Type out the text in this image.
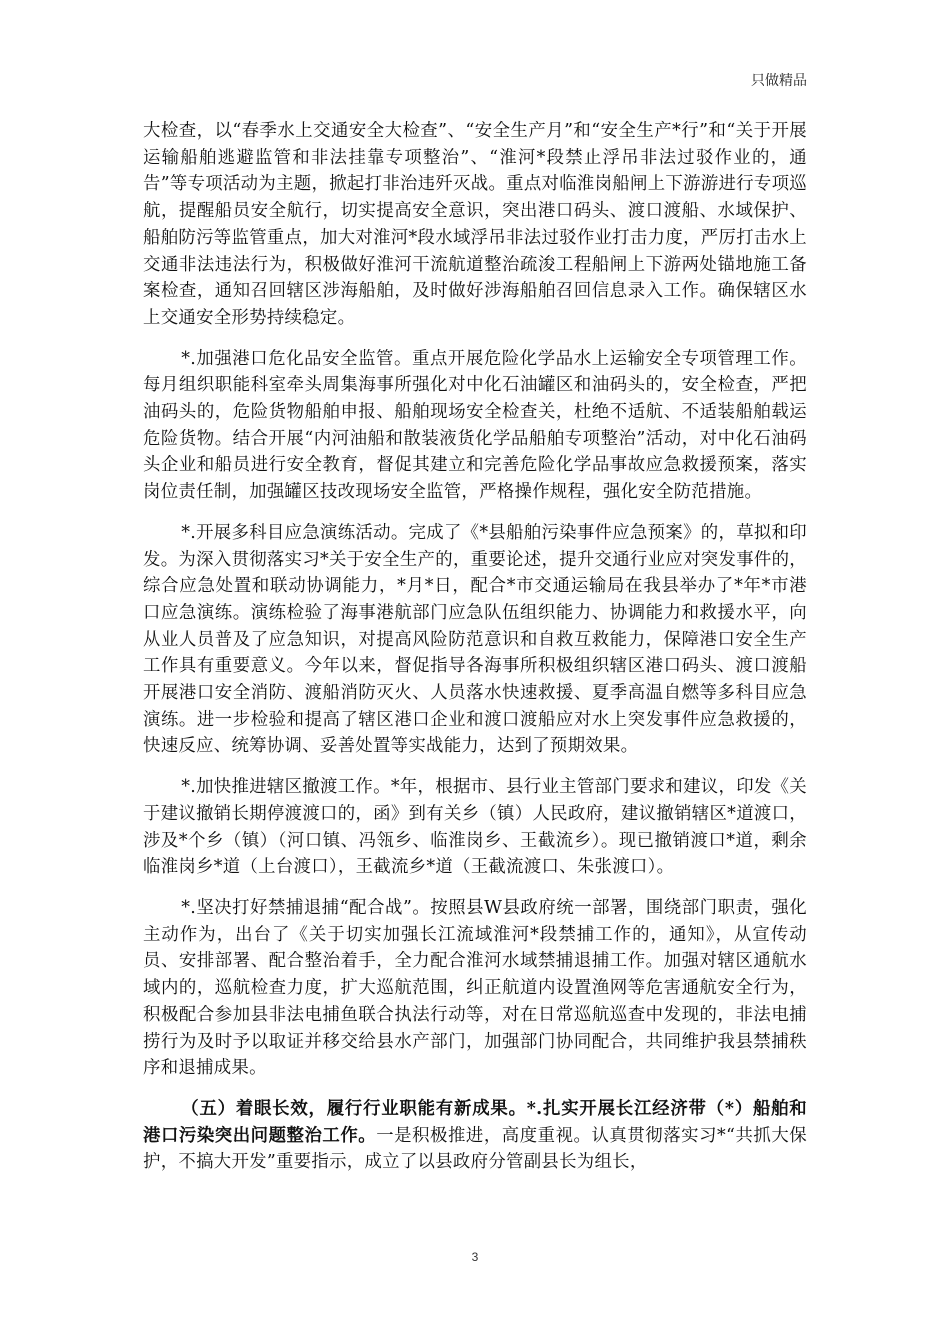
只做精品

大检查，以“春季水上交通安全大检查”、“安全生产月”和“安全生产*行”和“关于开展运输船舶逃避监管和非法挂靠专项整治”、“淮河*段禁止浮吊非法过驳作业的，通告”等专项活动为主题，掀起打非治违歼灭战。重点对临淮岗船闸上下游游进行专项巡航，提醒船员安全航行，切实提高安全意识，突出港口码头、渡口渡船、水域保护、船舶防污等监管重点，加大对淮河*段水域浮吊非法过驳作业打击力度，严厉打击水上交通非法违法行为，积极做好淮河干流航道整治疏浚工程船闸上下游两处锚地施工备案检查，通知召回辖区涉海船舶，及时做好涉海船舶召回信息录入工作。确保辖区水上交通安全形势持续稳定。

*.加强港口危化品安全监管。重点开展危险化学品水上运输安全专项管理工作。每月组织职能科室牵头周集海事所强化对中化石油罐区和油码头的，安全检查，严把油码头的，危险货物船舶申报、船舶现场安全检查关，杜绝不适航、不适装船舶载运危险货物。结合开展“内河油船和散装液货化学品船舶专项整治”活动，对中化石油码头企业和船员进行安全教育，督促其建立和完善危险化学品事故应急救援预案，落实岗位责任制，加强罐区技改现场安全监管，严格操作规程，强化安全防范措施。

*.开展多科目应急演练活动。完成了《*县船舶污染事件应急预案》的，草拟和印发。为深入贯彻落实习*关于安全生产的，重要论述，提升交通行业应对突发事件的，综合应急处置和联动协调能力，*月*日，配合*市交通运输局在我县举办了*年*市港口应急演练。演练检验了海事港航部门应急队伍组织能力、协调能力和救援水平，向从业人员普及了应急知识，对提高风险防范意识和自救互救能力，保障港口安全生产工作具有重要意义。今年以来，督促指导各海事所积极组织辖区港口码头、渡口渡船开展港口安全消防、渡船消防灭火、人员落水快速救援、夏季高温自燃等多科目应急演练。进一步检验和提高了辖区港口企业和渡口渡船应对水上突发事件应急救援的，快速反应、统筹协调、妥善处置等实战能力，达到了预期效果。

*.加快推进辖区撤渡工作。*年，根据市、县行业主管部门要求和建议，印发《关于建议撤销长期停渡渡口的，函》到有关乡（镇）人民政府，建议撤销辖区*道渡口，涉及*个乡（镇）（河口镇、冯瓴乡、临淮岗乡、王截流乡）。现已撤销渡口*道，剩余临淮岗乡*道（上台渡口），王截流乡*道（王截流渡口、朱张渡口）。

*.坚决打好禁捕退捕“配合战”。按照县W县政府统一部署，围绕部门职责，强化主动作为，出台了《关于切实加强长江流域淮河*段禁捕工作的，通知》，从宣传动员、安排部署、配合整治着手，全力配合淮河水域禁捕退捕工作。加强对辖区通航水域内的，巡航检查力度，扩大巡航范围，纠正航道内设置渔网等危害通航安全行为，积极配合参加县非法电捕鱼联合执法行动等，对在日常巡航巡查中发现的，非法电捕捞行为及时予以取证并移交给县水产部门，加强部门协同配合，共同维护我县禁捕秩序和退捕成果。

（五）着眼长效，履行行业职能有新成果。*.扎实开展长江经济带（*）船舶和港口污染突出问题整治工作。一是积极推进，高度重视。认真贯彻落实习*“共抓大保护，不搞大开发”重要指示，成立了以县政府分管副县长为组长，

3
